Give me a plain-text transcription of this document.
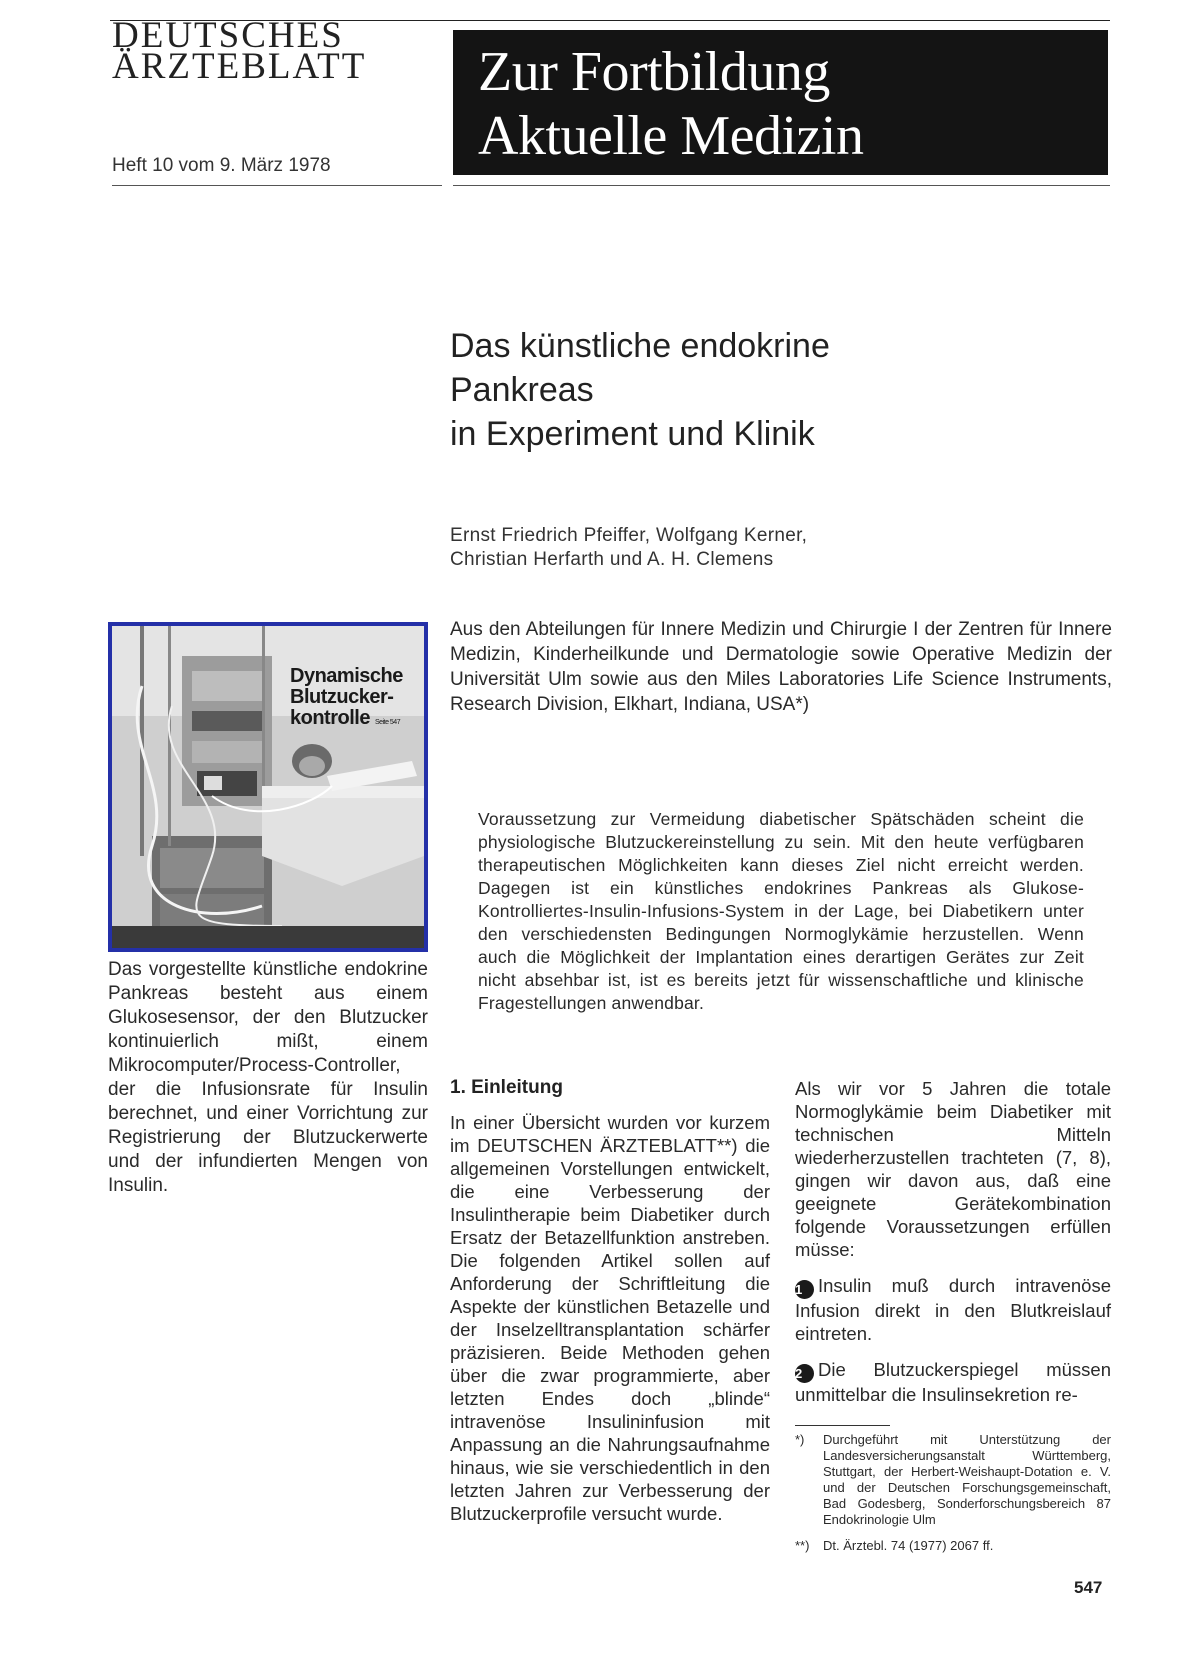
DEUTSCHES
ÄRZTEBLATT
Heft 10 vom 9. März 1978
Zur Fortbildung
Aktuelle Medizin
Das künstliche endokrine
Pankreas
in Experiment und Klinik
Ernst Friedrich Pfeiffer, Wolfgang Kerner,
Christian Herfarth und A. H. Clemens
Aus den Abteilungen für Innere Medizin und Chirurgie I der Zentren für Innere Medizin, Kinderheilkunde und Dermatologie sowie Operative Medizin der Universität Ulm sowie aus den Miles Laboratories Life Science Instruments, Research Division, Elkhart, Indiana, USA*)
Dynamische
Blutzucker-
kontrolle Seite 547
Das vorgestellte künstliche endokrine Pankreas besteht aus einem Glukosesensor, der den Blutzucker kontinuierlich mißt, einem Mikrocomputer/Process-Controller, der die Infusionsrate für Insulin berechnet, und einer Vorrichtung zur Registrierung der Blutzuckerwerte und der infundierten Mengen von Insulin.
Voraussetzung zur Vermeidung diabetischer Spätschäden scheint die physiologische Blutzuckereinstellung zu sein. Mit den heute verfügbaren therapeutischen Möglichkeiten kann dieses Ziel nicht erreicht werden. Dagegen ist ein künstliches endokrines Pankreas als Glukose-Kontrolliertes-Insulin-Infusions-System in der Lage, bei Diabetikern unter den verschiedensten Bedingungen Normoglykämie herzustellen. Wenn auch die Möglichkeit der Implantation eines derartigen Gerätes zur Zeit nicht absehbar ist, ist es bereits jetzt für wissenschaftliche und klinische Fragestellungen anwendbar.
1. Einleitung
In einer Übersicht wurden vor kurzem im DEUTSCHEN ÄRZTEBLATT**) die allgemeinen Vorstellungen entwickelt, die eine Verbesserung der Insulintherapie beim Diabetiker durch Ersatz der Betazellfunktion anstreben. Die folgenden Artikel sollen auf Anforderung der Schriftleitung die Aspekte der künstlichen Betazelle und der Inselzelltransplantation schärfer präzisieren. Beide Methoden gehen über die zwar programmierte, aber letzten Endes doch „blinde“ intravenöse Insulininfusion mit Anpassung an die Nahrungsaufnahme hinaus, wie sie verschiedentlich in den letzten Jahren zur Verbesserung der Blutzuckerprofile versucht wurde.

Als wir vor 5 Jahren die totale Normoglykämie beim Diabetiker mit technischen Mitteln wiederherzustellen trachteten (7, 8), gingen wir davon aus, daß eine geeignete Gerätekombination folgende Voraussetzungen erfüllen müsse:

1 Insulin muß durch intravenöse Infusion direkt in den Blutkreislauf eintreten.

2 Die Blutzuckerspiegel müssen unmittelbar die Insulinsekretion re-

*)	Durchgeführt mit Unterstützung der Landesversicherungsanstalt Württemberg, Stuttgart, der Herbert-Weishaupt-Dotation e. V. und der Deutschen Forschungsgemeinschaft, Bad Godesberg, Sonderforschungsbereich 87 Endokrinologie Ulm
**)	Dt. Ärztebl. 74 (1977) 2067 ff.
547
